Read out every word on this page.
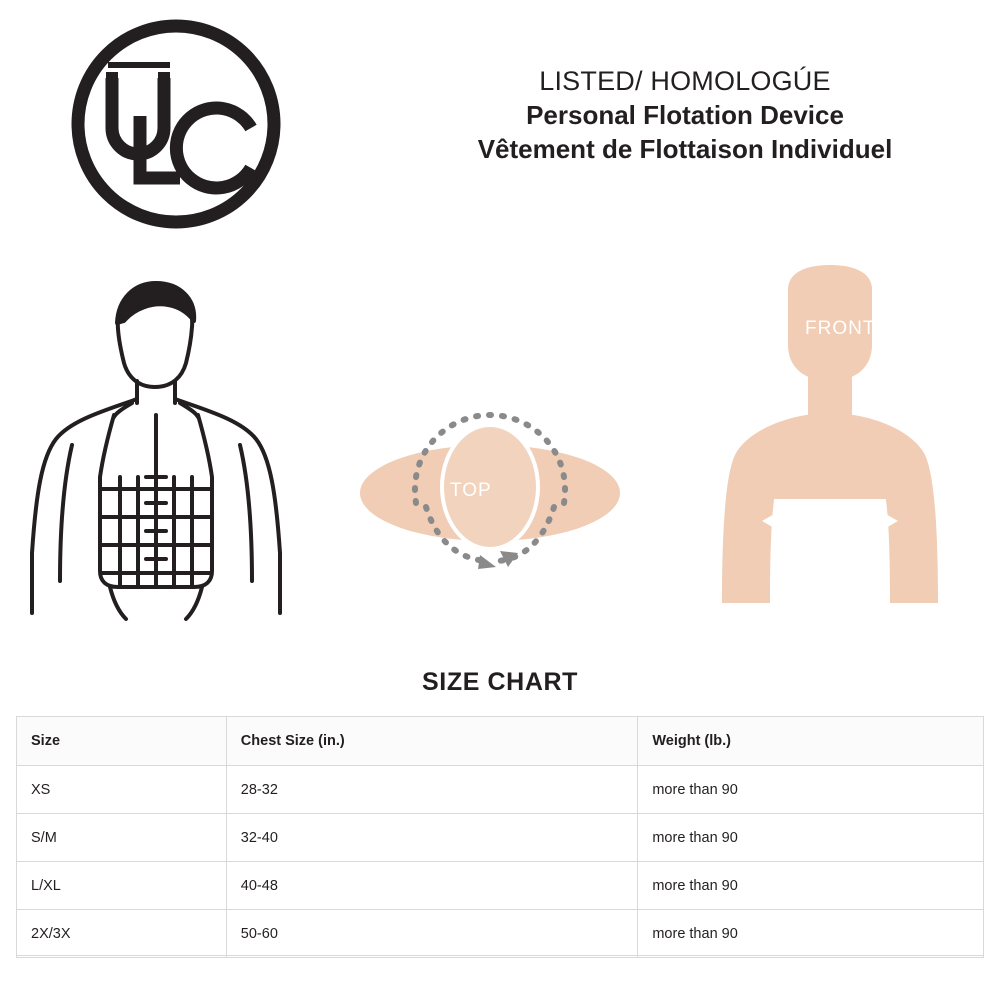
LISTED/ HOMOLOGÚE
Personal Flotation Device
Vêtement de Flottaison Individuel
TOP
FRONT
SIZE CHART
Size	Chest Size (in.)	Weight (lb.)
XS	28-32	more than 90
S/M	32-40	more than 90
L/XL	40-48	more than 90
2X/3X	50-60	more than 90
